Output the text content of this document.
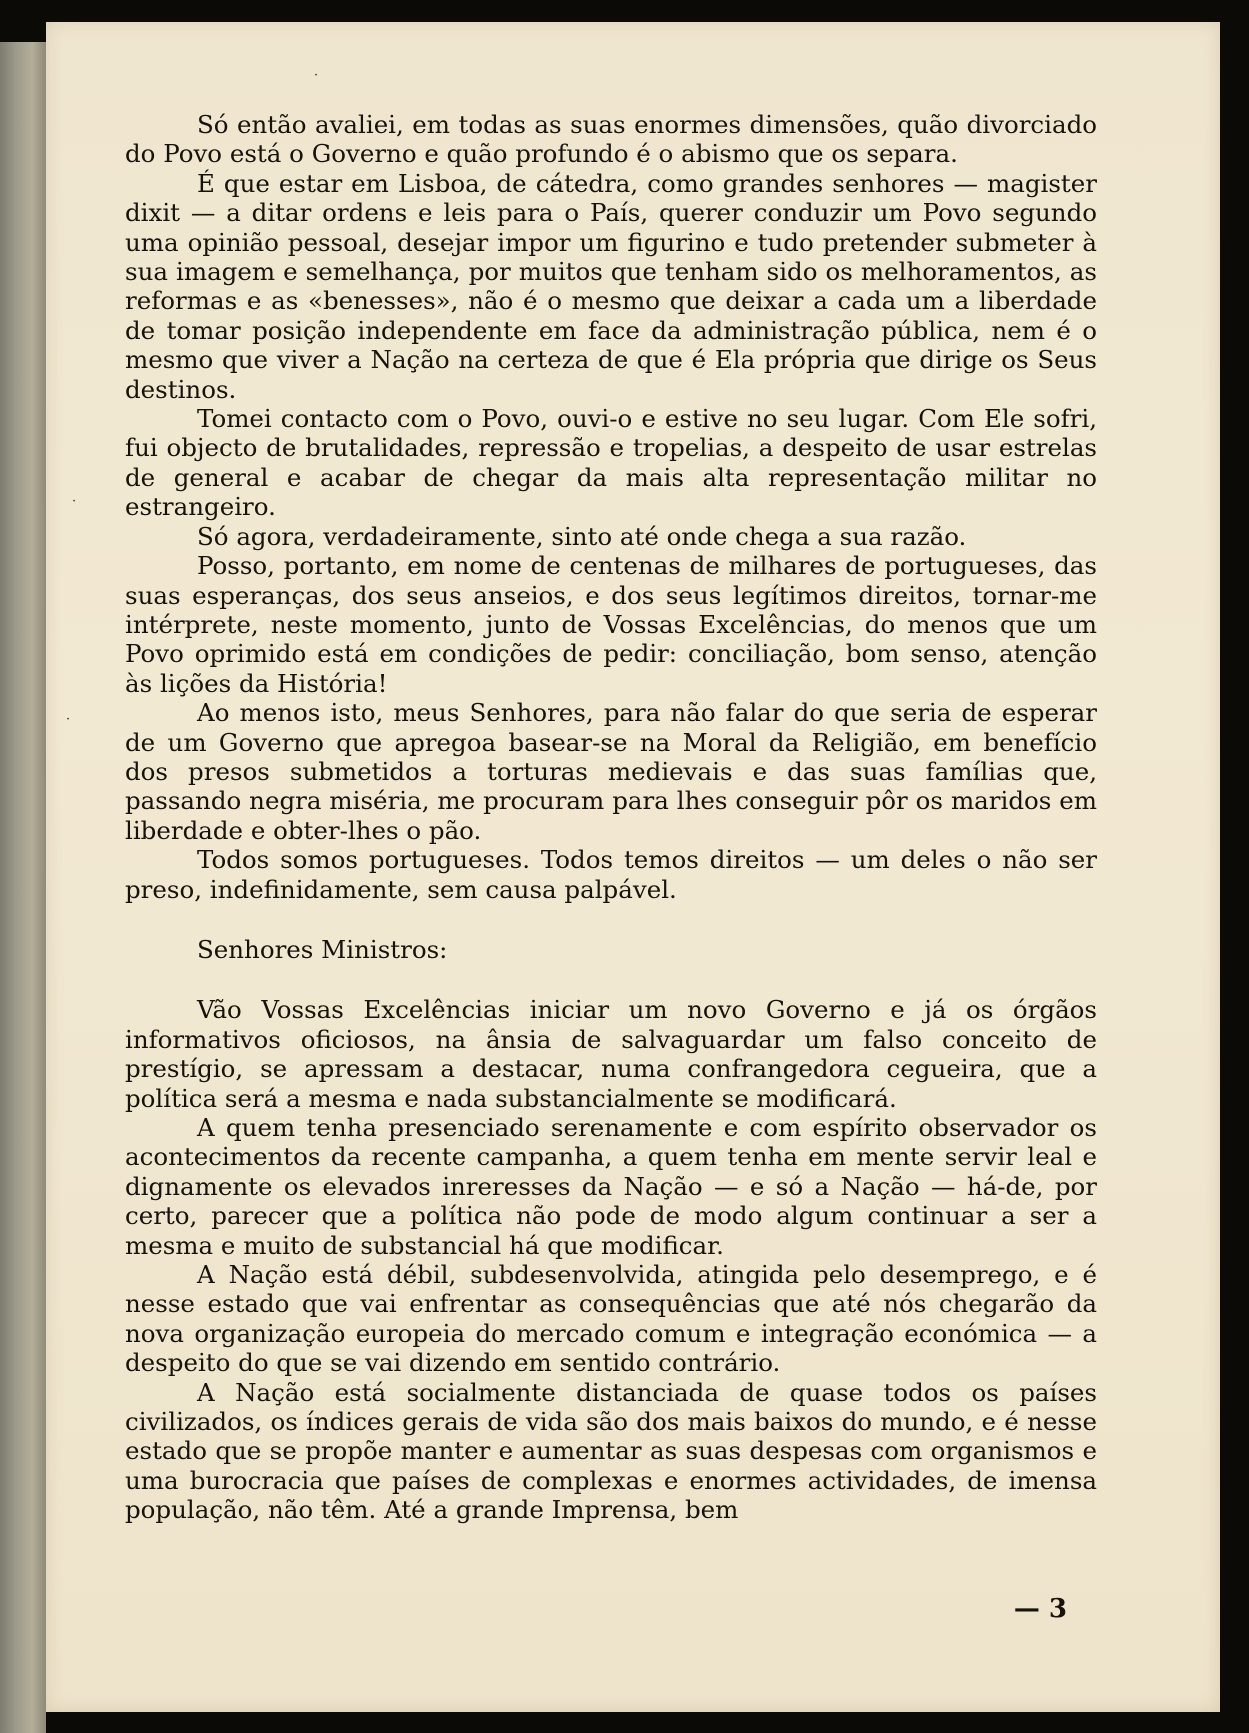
·
·
·

Só então avaliei, em todas as suas enormes dimensões, quão divorciado do Povo está o Governo e quão profundo é o abismo que os separa.

É que estar em Lisboa, de cátedra, como grandes senhores — magister dixit — a ditar ordens e leis para o País, querer conduzir um Povo segundo uma opinião pessoal, desejar impor um figurino e tudo pretender submeter à sua imagem e semelhança, por muitos que tenham sido os melhoramentos, as reformas e as «benesses», não é o mesmo que deixar a cada um a liberdade de tomar posição independente em face da administração pública, nem é o mesmo que viver a Nação na certeza de que é Ela própria que dirige os Seus destinos.

Tomei contacto com o Povo, ouvi-o e estive no seu lugar. Com Ele sofri, fui objecto de brutalidades, repressão e tropelias, a despeito de usar estrelas de general e acabar de chegar da mais alta representação militar no estrangeiro.

Só agora, verdadeiramente, sinto até onde chega a sua razão.

Posso, portanto, em nome de centenas de milhares de portugueses, das suas esperanças, dos seus anseios, e dos seus legítimos direitos, tornar-me intérprete, neste momento, junto de Vossas Excelências, do menos que um Povo oprimido está em condições de pedir: conciliação, bom senso, atenção às lições da História!

Ao menos isto, meus Senhores, para não falar do que seria de esperar de um Governo que apregoa basear-se na Moral da Religião, em benefício dos presos submetidos a torturas medievais e das suas famílias que, passando negra miséria, me procuram para lhes conseguir pôr os maridos em liberdade e obter-lhes o pão.

Todos somos portugueses. Todos temos direitos — um deles o não ser preso, indefinidamente, sem causa palpável.

Senhores Ministros:

Vão Vossas Excelências iniciar um novo Governo e já os órgãos informativos oficiosos, na ânsia de salvaguardar um falso conceito de prestígio, se apressam a destacar, numa confrangedora cegueira, que a política será a mesma e nada substancialmente se modificará.

A quem tenha presenciado serenamente e com espírito observador os acontecimentos da recente campanha, a quem tenha em mente servir leal e dignamente os elevados inreresses da Nação — e só a Nação — há-de, por certo, parecer que a política não pode de modo algum continuar a ser a mesma e muito de substancial há que modificar.

A Nação está débil, subdesenvolvida, atingida pelo desemprego, e é nesse estado que vai enfrentar as consequências que até nós chegarão da nova organização europeia do mercado comum e integração económica — a despeito do que se vai dizendo em sentido contrário.

A Nação está socialmente distanciada de quase todos os países civilizados, os índices gerais de vida são dos mais baixos do mundo, e é nesse estado que se propõe manter e aumentar as suas despesas com organismos e uma burocracia que países de complexas e enormes actividades, de imensa população, não têm. Até a grande Imprensa, bem

— 3
